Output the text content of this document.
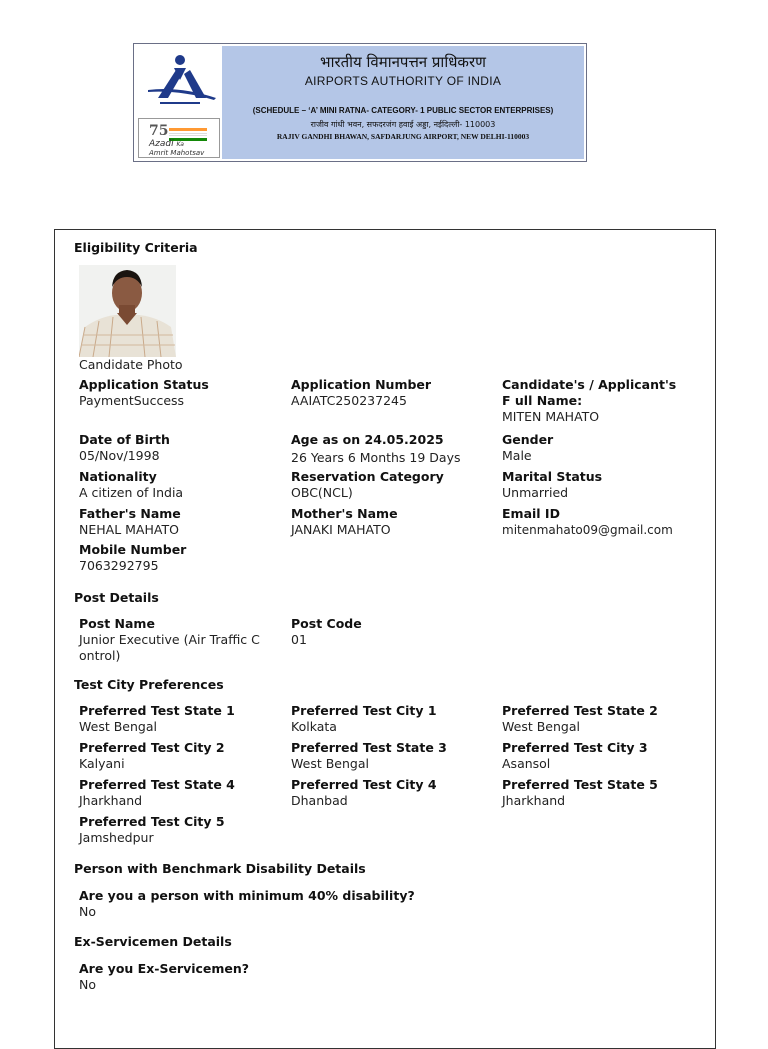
75
Azadi Ka
Amrit Mahotsav
भारतीय विमानपत्तन प्राधिकरण
AIRPORTS AUTHORITY OF INDIA
(SCHEDULE – ‘A’ MINI RATNA- CATEGORY- 1 PUBLIC SECTOR ENTERPRISES)
राजीव गांधी भवन, सफदरजंग हवाई अड्डा, नईदिल्ली- 110003
RAJIV GANDHI BHAWAN, SAFDARJUNG AIRPORT, NEW DELHI-110003
Eligibility Criteria
Candidate Photo
Application Status
PaymentSuccess
Application Number
AAIATC250237245
Candidate's / Applicant's F ull Name:
MITEN MAHATO
Date of Birth
05/Nov/1998
Age as on 24.05.2025
26 Years 6 Months 19 Days
Gender
Male
Nationality
A citizen of India
Reservation Category
OBC(NCL)
Marital Status
Unmarried
Father's Name
NEHAL MAHATO
Mother's Name
JANAKI MAHATO
Email ID
mitenmahato09@gmail.com
Mobile Number
7063292795
Post Details
Post Name
Junior Executive (Air Traffic C ontrol)
Post Code
01
Test City Preferences
Preferred Test State 1
West Bengal
Preferred Test City 1
Kolkata
Preferred Test State 2
West Bengal
Preferred Test City 2
Kalyani
Preferred Test State 3
West Bengal
Preferred Test City 3
Asansol
Preferred Test State 4
Jharkhand
Preferred Test City 4
Dhanbad
Preferred Test State 5
Jharkhand
Preferred Test City 5
Jamshedpur
Person with Benchmark Disability Details
Are you a person with minimum 40% disability?
No
Ex-Servicemen Details
Are you Ex-Servicemen?
No
